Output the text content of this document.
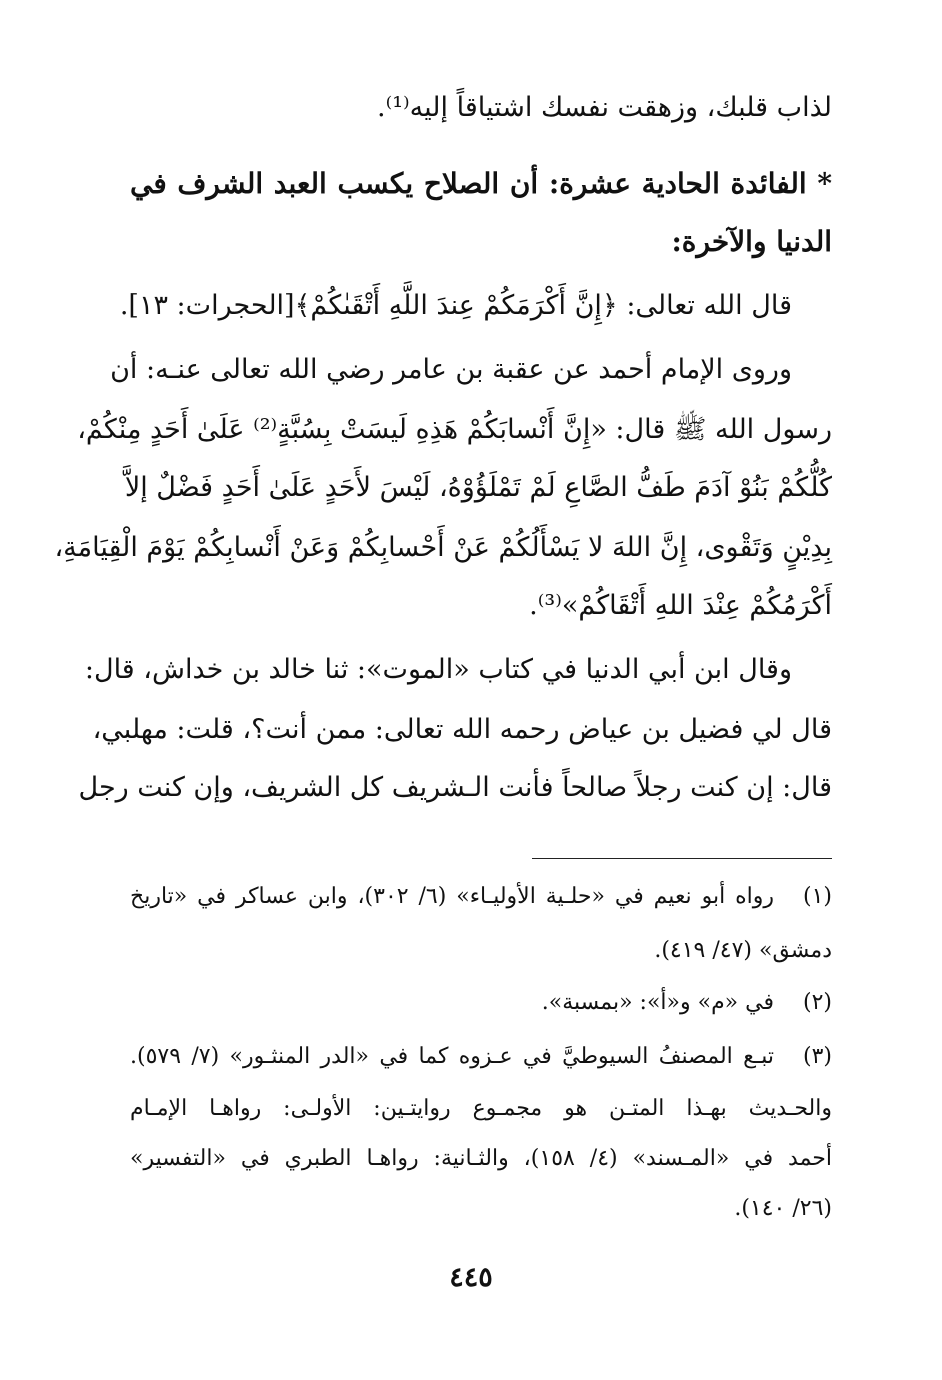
لذاب قلبك، وزهقت نفسك اشتياقاً إليه⁽¹⁾.
* الفائدة الحادية عشرة: أن الصلاح يكسب العبد الشرف في
الدنيا والآخرة:
قال الله تعالى: ﴿إِنَّ أَكْرَمَكُمْ عِندَ اللَّهِ أَتْقَىٰكُمْ﴾[الحجرات: ١٣].
وروى الإمام أحمد عن عقبة بن عامر رضي الله تعالى عنـه: أن
رسول الله ﷺ قال: «إِنَّ أَنْسابَكُمْ هَذِهِ لَيسَتْ بِسُبَّةٍ⁽²⁾ عَلَىٰ أَحَدٍ مِنْكُمْ،
كُلُّكُمْ بَنُوْ آدَمَ طَفُّ الصَّاعِ لَمْ تَمْلَؤُوْهُ، لَيْسَ لأَحَدٍ عَلَىٰ أَحَدٍ فَضْلٌ إلاَّ
بِدِيْنٍ وَتَقْوى، إِنَّ اللهَ لا يَسْأَلُكُمْ عَنْ أَحْسابِكُمْ وَعَنْ أَنْسابِكُمْ يَوْمَ الْقِيَامَةِ،
أَكْرَمُكُمْ عِنْدَ اللهِ أَتْقَاكُمْ»⁽³⁾.
وقال ابن أبي الدنيا في كتاب «الموت»: ثنا خالد بن خداش، قال:
قال لي فضيل بن عياض رحمه الله تعالى: ممن أنت؟، قلت: مهلبي،
قال: إن كنت رجلاً صالحاً فأنت الـشريف كل الشريف، وإن كنت رجل
(١)
رواه أبو نعيم في «حلـية الأوليـاء» (٦/ ٣٠٢)، وابن عساكر في «تاريخ
دمشق» (٤٧/ ٤١٩).
(٢)
في «م» و«أ»: «بمسبة».
(٣)
تبـع المصنفُ السيوطيَّ في عـزوه كما في «الدر المنثـور» (٧/ ٥٧٩).
والحـديث بهـذا المتـن هو مجمـوع روايتـين: الأولـى: رواهـا الإمـام
أحمد في «المـسند» (٤/ ١٥٨)، والثـانية: رواهـا الطبري في «التفسير»
(٢٦/ ١٤٠).
٤٤٥
